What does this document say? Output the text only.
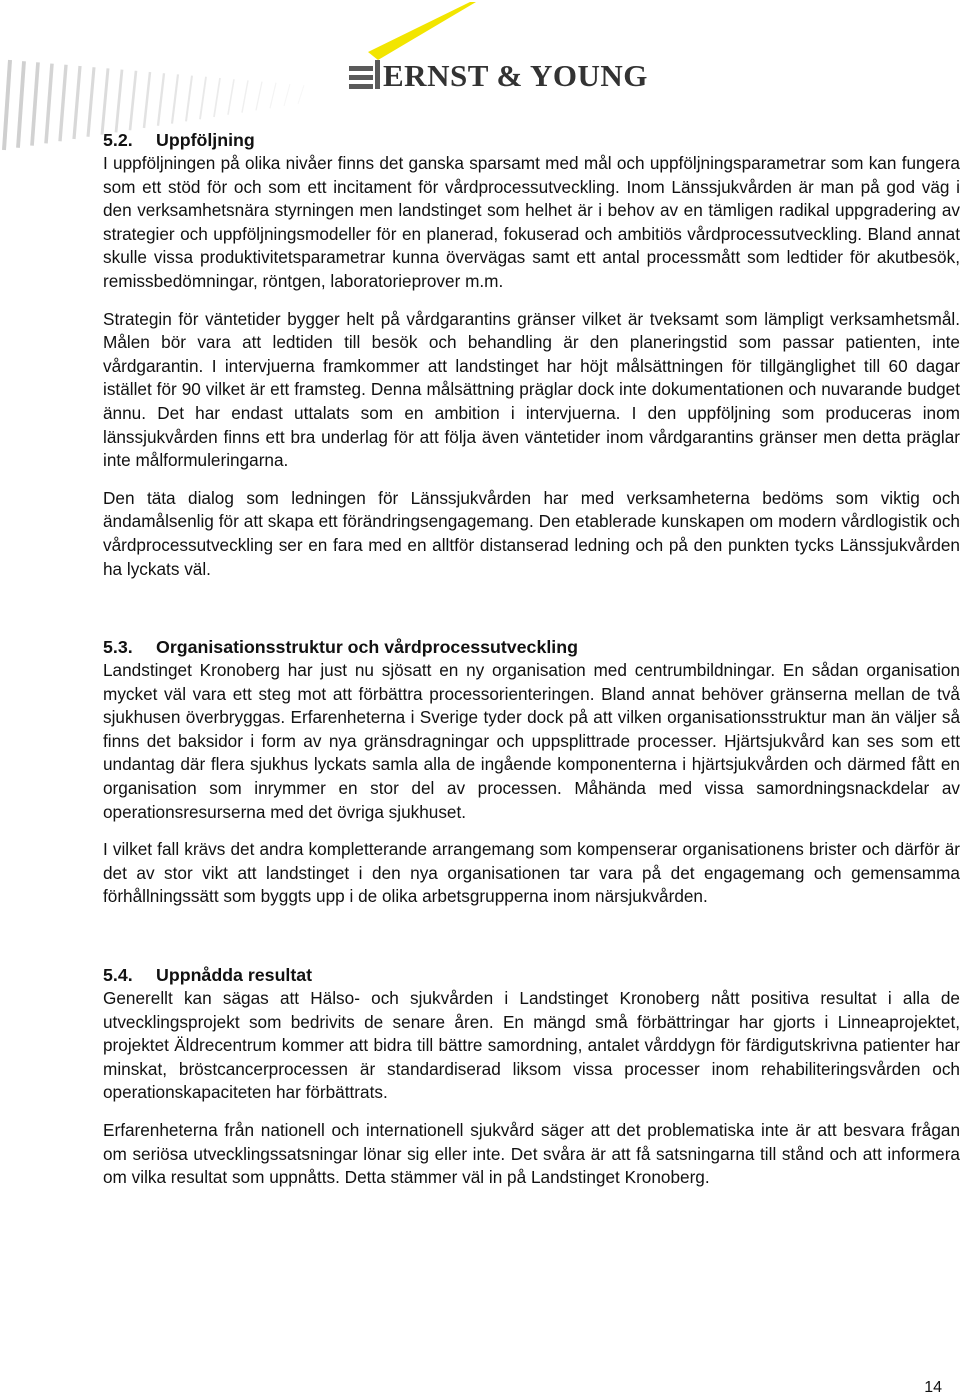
ERNST & YOUNG
5.2.	Uppföljning

I uppföljningen på olika nivåer finns det ganska sparsamt med mål och uppföljningsparametrar som kan fungera som ett stöd för och som ett incitament för vårdprocessutveckling. Inom Länssjukvården är man på god väg i den verksamhetsnära styrningen men landstinget som helhet är i behov av en tämligen radikal uppgradering av strategier och uppföljningsmodeller för en planerad, fokuserad och ambitiös vårdprocessutveckling. Bland annat skulle vissa produktivitetsparametrar kunna övervägas samt ett antal processmått som ledtider för akutbesök, remissbedömningar, röntgen, laboratorieprover m.m.

Strategin för väntetider bygger helt på vårdgarantins gränser vilket är tveksamt som lämpligt verksamhetsmål. Målen bör vara att ledtiden till besök och behandling är den planeringstid som passar patienten, inte vårdgarantin. I intervjuerna framkommer att landstinget har höjt målsättningen för tillgänglighet till 60 dagar istället för 90 vilket är ett framsteg. Denna målsättning präglar dock inte dokumentationen och nuvarande budget ännu. Det har endast uttalats som en ambition i intervjuerna. I den uppföljning som produceras inom länssjukvården finns ett bra underlag för att följa även väntetider inom vårdgarantins gränser men detta präglar inte målformuleringarna.

Den täta dialog som ledningen för Länssjukvården har med verksamheterna bedöms som viktig och ändamålsenlig för att skapa ett förändringsengagemang. Den etablerade kunskapen om modern vårdlogistik och vårdprocessutveckling ser en fara med en alltför distanserad ledning och på den punkten tycks Länssjukvården ha lyckats väl.

5.3.	Organisationsstruktur och vårdprocessutveckling

Landstinget Kronoberg har just nu sjösatt en ny organisation med centrumbildningar. En sådan organisation mycket väl vara ett steg mot att förbättra processorienteringen. Bland annat behöver gränserna mellan de två sjukhusen överbryggas. Erfarenheterna i Sverige tyder dock på att vilken organisationsstruktur man än väljer så finns det baksidor i form av nya gränsdragningar och uppsplittrade processer. Hjärtsjukvård kan ses som ett undantag där flera sjukhus lyckats samla alla de ingående komponenterna i hjärtsjukvården och därmed fått en organisation som inrymmer en stor del av processen. Måhända med vissa samordningsnackdelar av operationsresurserna med det övriga sjukhuset.

I vilket fall krävs det andra kompletterande arrangemang som kompenserar organisationens brister och därför är det av stor vikt att landstinget i den nya organisationen tar vara på det engagemang och gemensamma förhållningssätt som byggts upp i de olika arbetsgrupperna inom närsjukvården.

5.4.	Uppnådda resultat

Generellt kan sägas att Hälso- och sjukvården i Landstinget Kronoberg nått positiva resultat i alla de utvecklingsprojekt som bedrivits de senare åren. En mängd små förbättringar har gjorts i Linneaprojektet, projektet Äldrecentrum kommer att bidra till bättre samordning, antalet vårddygn för färdigutskrivna patienter har minskat, bröstcancerprocessen är standardiserad liksom vissa processer inom rehabiliteringsvården och operationskapaciteten har förbättrats.

Erfarenheterna från nationell och internationell sjukvård säger att det problematiska inte är att besvara frågan om seriösa utvecklingssatsningar lönar sig eller inte. Det svåra är att få satsningarna till stånd och att informera om vilka resultat som uppnåtts. Detta stämmer väl in på Landstinget Kronoberg.

14
